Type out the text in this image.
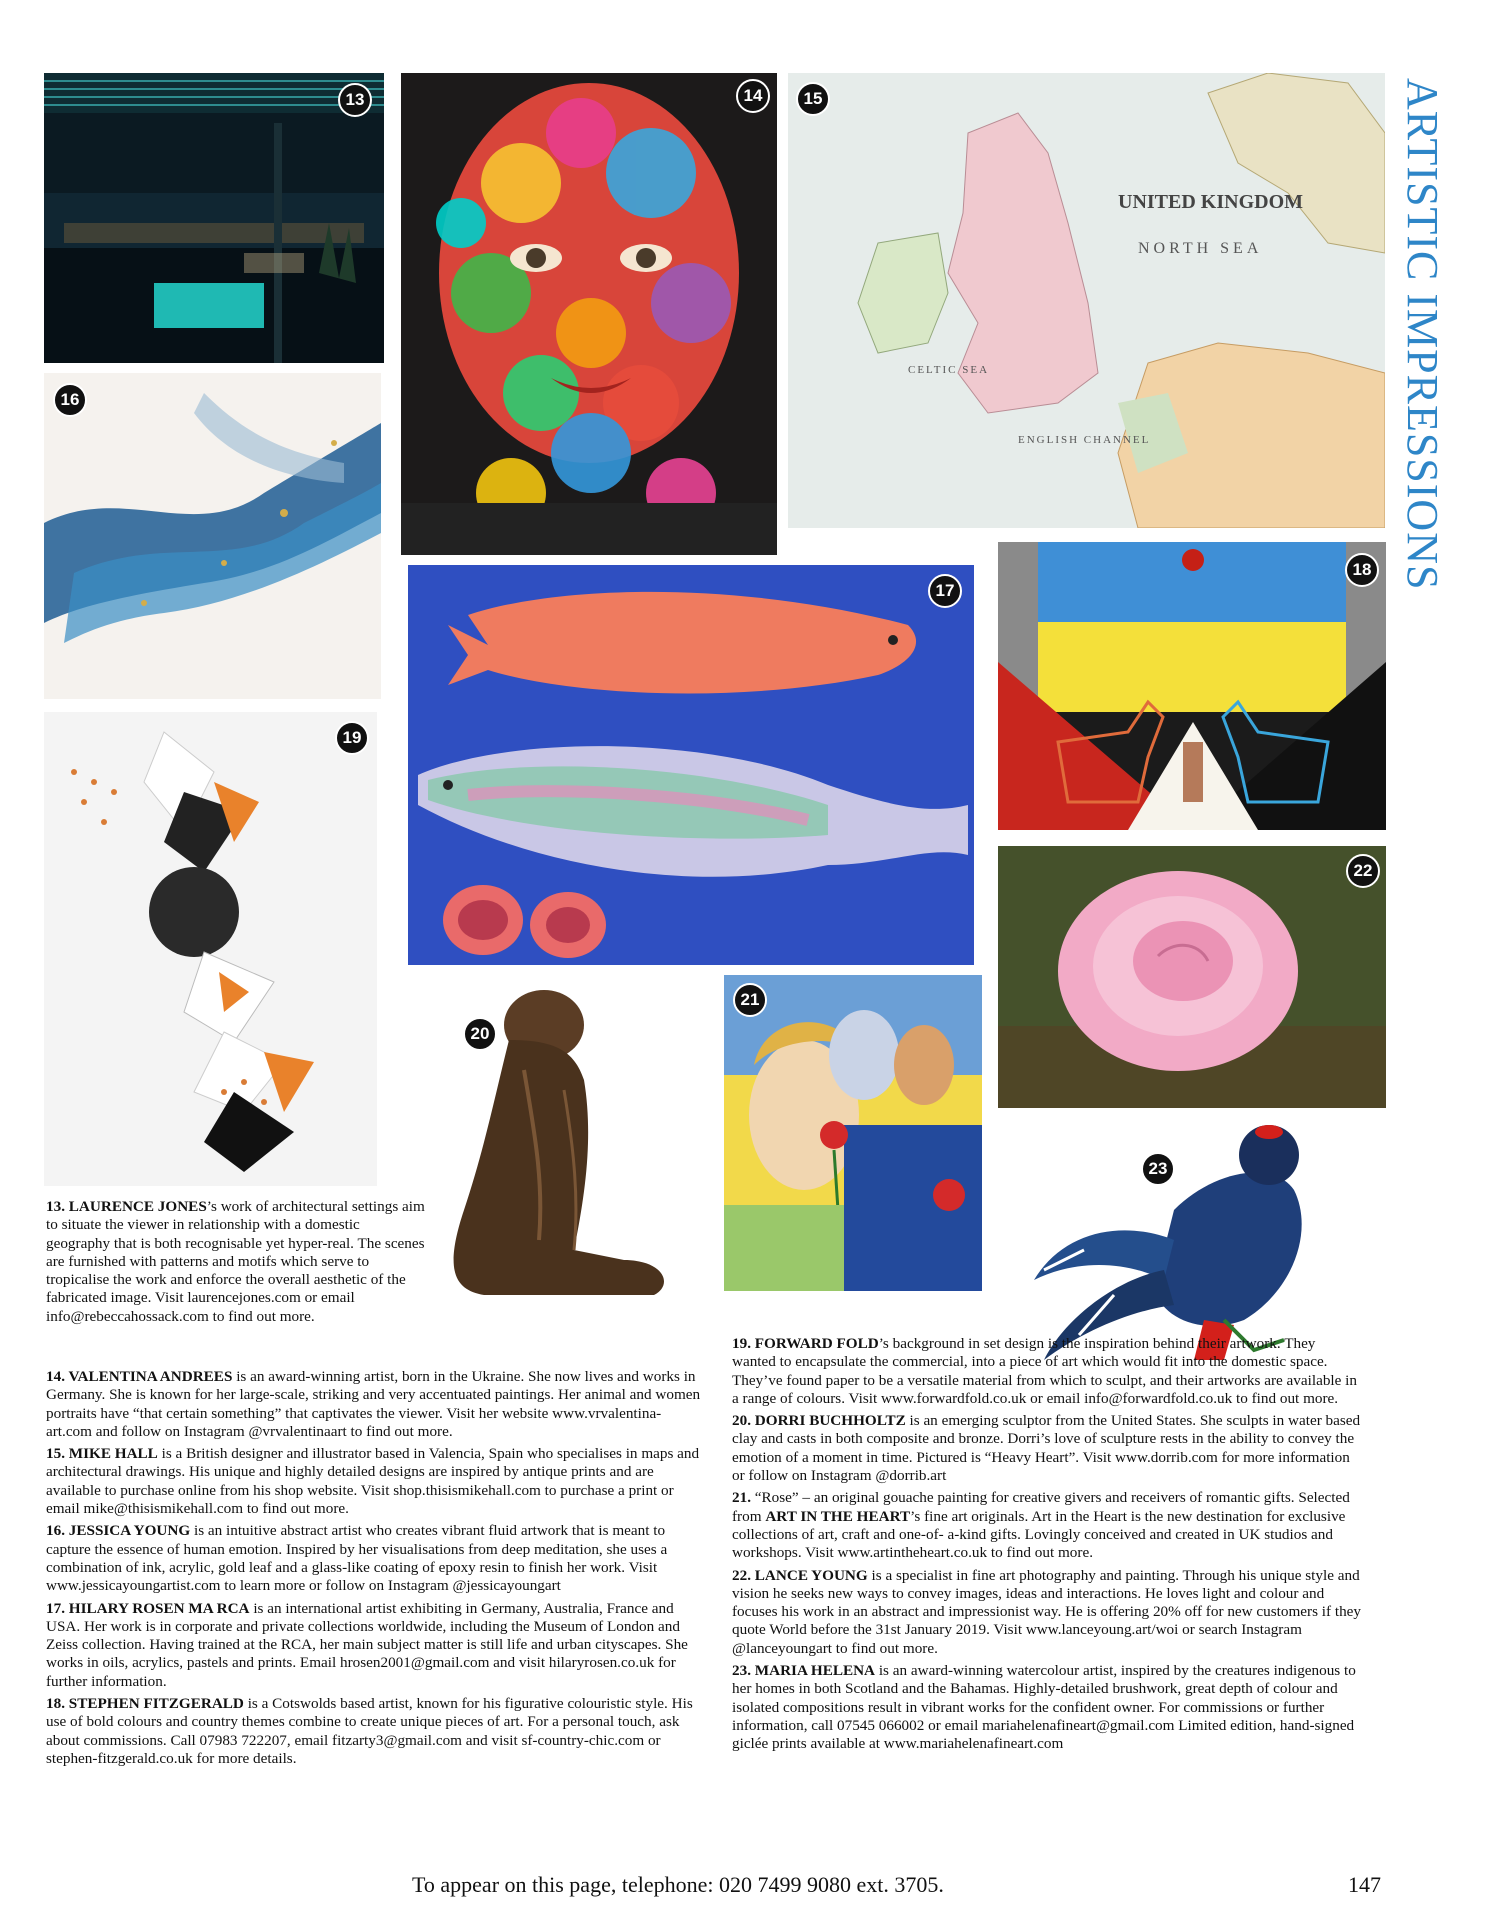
ARTISTIC IMPRESSIONS
13	14
UNITED KINGDOM
NORTH SEA
CELTIC SEA
ENGLISH CHANNEL
15
16
17
18
19
20
21
22
23

13. LAURENCE JONES’s work of architectural settings aim to situate the viewer in relationship with a domestic geography that is both recognisable yet hyper-real. The scenes are furnished with patterns and motifs which serve to tropicalise the work and enforce the overall aesthetic of the fabricated image. Visit laurencejones.com or email info@rebeccahossack.com to find out more.

14. VALENTINA ANDREES is an award-winning artist, born in the Ukraine. She now lives and works in Germany. She is known for her large-scale, striking and very accentuated paintings. Her animal and women portraits have “that certain something” that captivates the viewer. Visit her website www.vrvalentina-art.com and follow on Instagram @vrvalentinaart to find out more.

15. MIKE HALL is a British designer and illustrator based in Valencia, Spain who specialises in maps and architectural drawings. His unique and highly detailed designs are inspired by antique prints and are available to purchase online from his shop website. Visit shop.thisismikehall.com to purchase a print or email mike@thisismikehall.com to find out more.

16. JESSICA YOUNG is an intuitive abstract artist who creates vibrant fluid artwork that is meant to capture the essence of human emotion. Inspired by her visualisations from deep meditation, she uses a combination of ink, acrylic, gold leaf and a glass-like coating of epoxy resin to finish her work. Visit www.jessicayoungartist.com to learn more or follow on Instagram @jessicayoungart

17. HILARY ROSEN MA RCA is an international artist exhibiting in Germany, Australia, France and USA. Her work is in corporate and private collections worldwide, including the Museum of London and Zeiss collection. Having trained at the RCA, her main subject matter is still life and urban cityscapes. She works in oils, acrylics, pastels and prints. Email hrosen2001@gmail.com and visit hilaryrosen.co.uk for further information.

18. STEPHEN FITZGERALD is a Cotswolds based artist, known for his figurative colouristic style. His use of bold colours and country themes combine to create unique pieces of art. For a personal touch, ask about commissions. Call 07983 722207, email fitzarty3@gmail.com and visit sf-country-chic.com or stephen-fitzgerald.co.uk for more details.

19. FORWARD FOLD’s background in set design is the inspiration behind their artwork. They wanted to encapsulate the commercial, into a piece of art which would fit into the domestic space. They’ve found paper to be a versatile material from which to sculpt, and their artworks are available in a range of colours. Visit www.forwardfold.co.uk or email info@forwardfold.co.uk to find out more.

20. DORRI BUCHHOLTZ is an emerging sculptor from the United States. She sculpts in water based clay and casts in both composite and bronze. Dorri’s love of sculpture rests in the ability to convey the emotion of a moment in time. Pictured is “Heavy Heart”. Visit www.dorrib.com for more information or follow on Instagram @dorrib.art

21. “Rose” – an original gouache painting for creative givers and receivers of romantic gifts. Selected from ART IN THE HEART’s fine art originals. Art in the Heart is the new destination for exclusive collections of art, craft and one-of- a-kind gifts. Lovingly conceived and created in UK studios and workshops. Visit www.artintheheart.co.uk to find out more.

22. LANCE YOUNG is a specialist in fine art photography and painting. Through his unique style and vision he seeks new ways to convey images, ideas and interactions. He loves light and colour and focuses his work in an abstract and impressionist way. He is offering 20% off for new customers if they quote World before the 31st January 2019. Visit www.lanceyoung.art/woi or search Instagram @lanceyoungart to find out more.

23. MARIA HELENA is an award-winning watercolour artist, inspired by the creatures indigenous to her homes in both Scotland and the Bahamas. Highly-detailed brushwork, great depth of colour and isolated compositions result in vibrant works for the confident owner. For commissions or further information, call 07545 066002 or email mariahelenafineart@gmail.com Limited edition, hand-signed giclée prints available at www.mariahelenafineart.com

To appear on this page, telephone: 020 7499 9080 ext. 3705.	147
